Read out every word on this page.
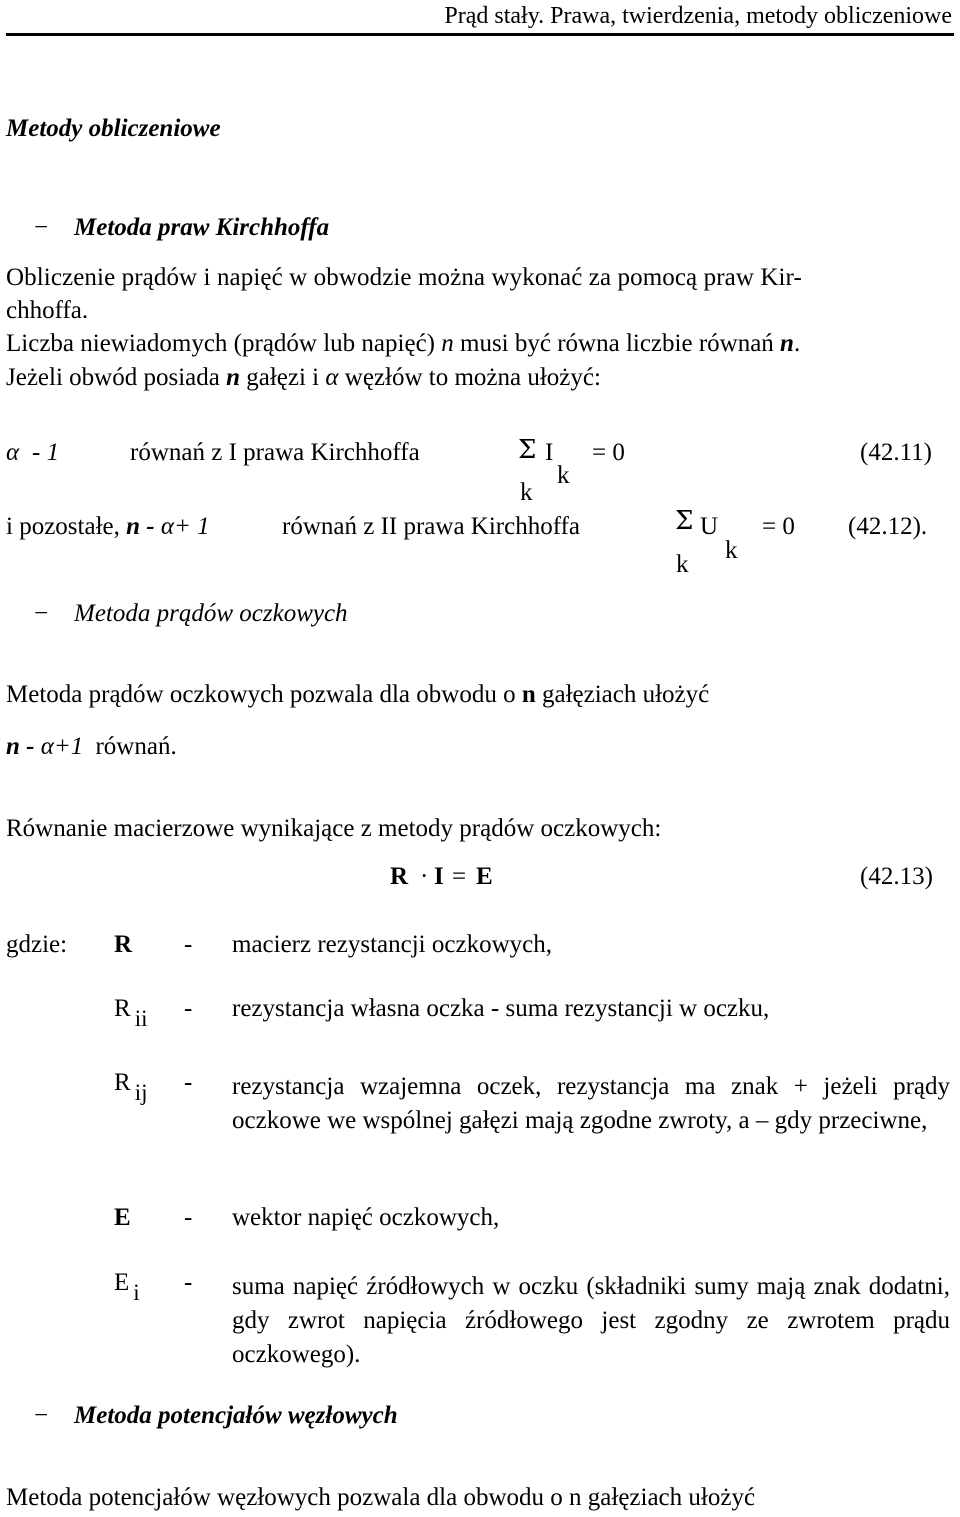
Prąd stały. Prawa, twierdzenia, metody obliczeniowe
Metody obliczeniowe
− Metoda praw Kirchhoffa
Obliczenie prądów i napięć w obwodzie można wykonać za pomocą praw Kir-
chhoffa.
Liczba niewiadomych (prądów lub napięć) n musi być równa liczbie równań n.
Jeżeli obwód posiada n gałęzi i α węzłów to można ułożyć:
α - 1	równań z I prawa Kirchhoffa	Σ I
k
k
= 0	(42.11)
i pozostałe, n - α+ 1	równań z II prawa Kirchhoffa	Σ U
k
k
= 0 (42.12).
− Metoda prądów oczkowych
Metoda prądów oczkowych pozwala dla obwodu o n gałęziach ułożyć
n - α+1 równań.
Równanie macierzowe wynikające z metody prądów oczkowych:
R · I = E	(42.13)
gdzie: R - macierz rezystancji oczkowych,
R ii - rezystancja własna oczka - suma rezystancji w oczku,
R ij - rezystancja wzajemna oczek, rezystancja ma znak + jeżeli prądy oczkowe we wspólnej gałęzi mają zgodne zwroty, a – gdy przeciwne,
E - wektor napięć oczkowych,
E i - suma napięć źródłowych w oczku (składniki sumy mają znak dodatni, gdy zwrot napięcia źródłowego jest zgodny ze zwrotem prądu oczkowego).
− Metoda potencjałów węzłowych
Metoda potencjałów węzłowych pozwala dla obwodu o n gałęziach ułożyć
